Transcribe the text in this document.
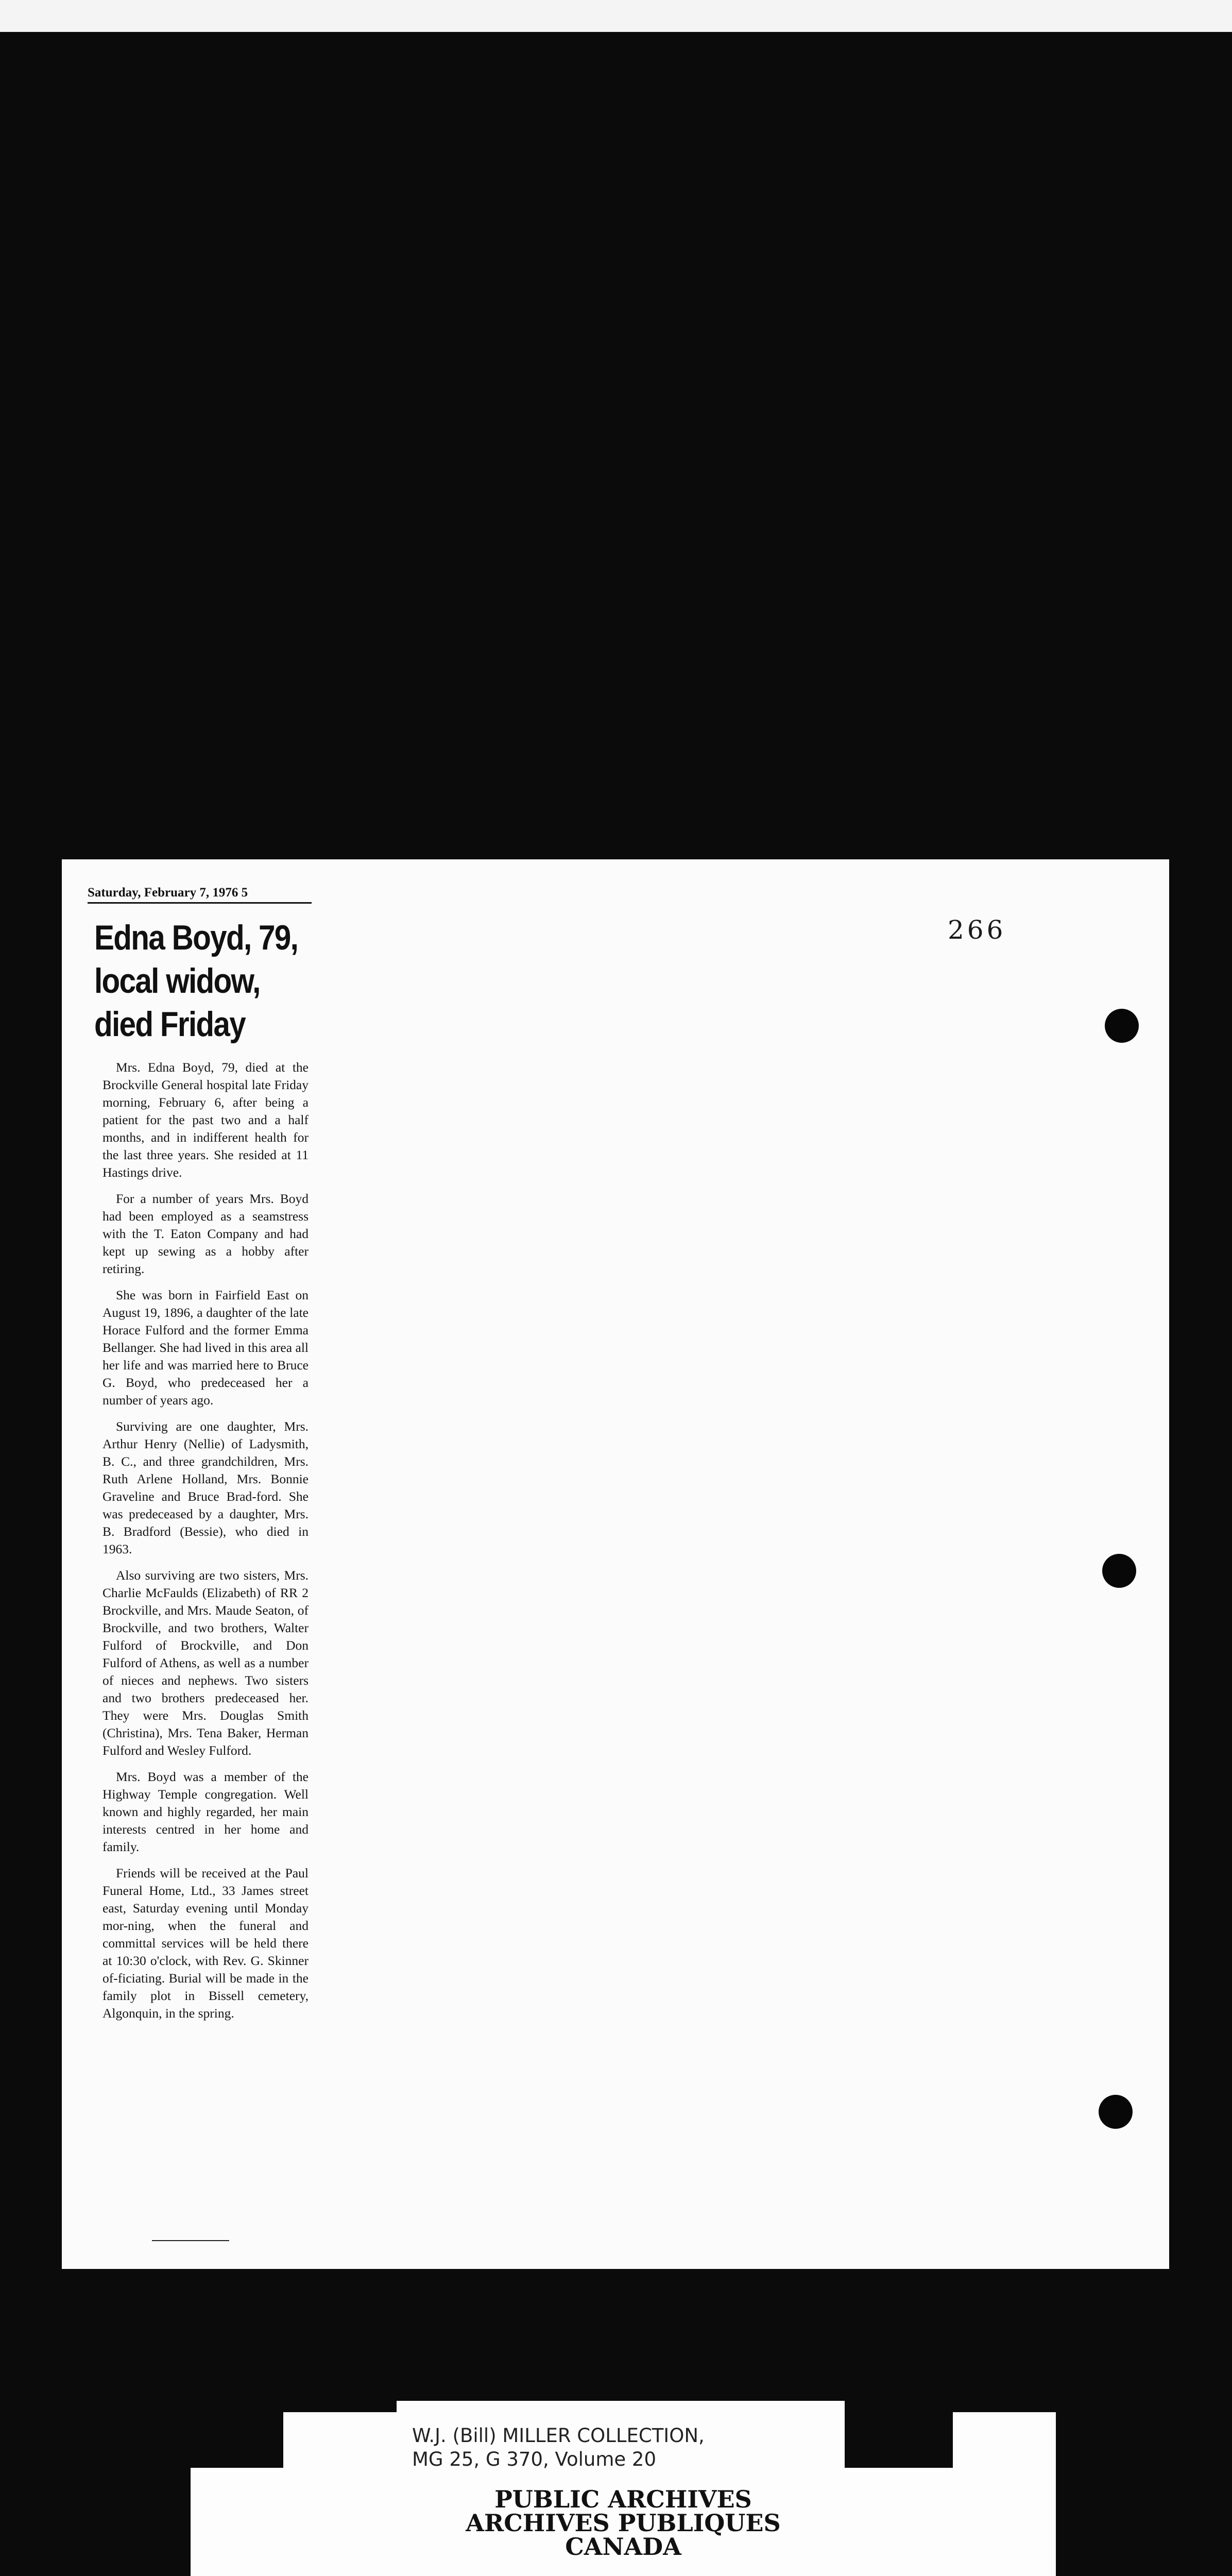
Saturday, February 7, 1976 5
Edna Boyd, 79,
local widow,
died Friday

Mrs. Edna Boyd, 79, died at the Brockville General hospital late Friday morning, February 6, after being a patient for the past two and a half months, and in indifferent health for the last three years. She resided at 11 Hastings drive.

For a number of years Mrs. Boyd had been employed as a seamstress with the T. Eaton Company and had kept up sewing as a hobby after retiring.

She was born in Fairfield East on August 19, 1896, a daughter of the late Horace Fulford and the former Emma Bellanger. She had lived in this area all her life and was married here to Bruce G. Boyd, who predeceased her a number of years ago.

Surviving are one daughter, Mrs. Arthur Henry (Nellie) of Ladysmith, B. C., and three grandchildren, Mrs. Ruth Arlene Holland, Mrs. Bonnie Graveline and Bruce Brad-ford. She was predeceased by a daughter, Mrs. B. Bradford (Bessie), who died in 1963.

Also surviving are two sisters, Mrs. Charlie McFaulds (Elizabeth) of RR 2 Brockville, and Mrs. Maude Seaton, of Brockville, and two brothers, Walter Fulford of Brockville, and Don Fulford of Athens, as well as a number of nieces and nephews. Two sisters and two brothers predeceased her. They were Mrs. Douglas Smith (Christina), Mrs. Tena Baker, Herman Fulford and Wesley Fulford.

Mrs. Boyd was a member of the Highway Temple congregation. Well known and highly regarded, her main interests centred in her home and family.

Friends will be received at the Paul Funeral Home, Ltd., 33 James street east, Saturday evening until Monday mor-ning, when the funeral and committal services will be held there at 10:30 o'clock, with Rev. G. Skinner of-ficiating. Burial will be made in the family plot in Bissell cemetery, Algonquin, in the spring.

266
W.J. (Bill) MILLER COLLECTION,
MG 25, G 370, Volume 20
PUBLIC ARCHIVES
ARCHIVES PUBLIQUES
CANADA
